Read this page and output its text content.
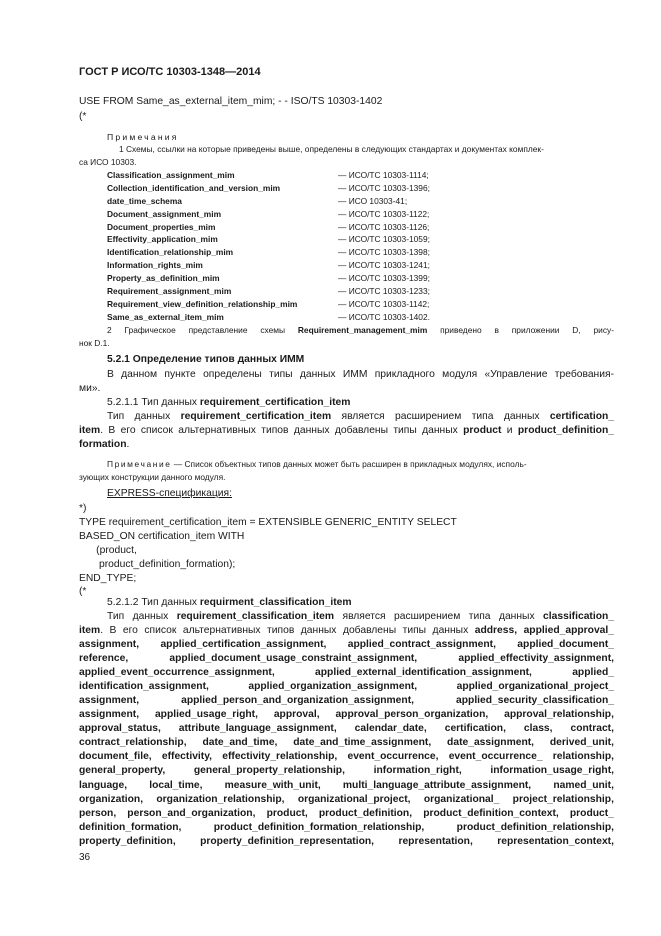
ГОСТ Р ИСО/ТС 10303-1348—2014
USE FROM Same_as_external_item_mim; - - ISO/TS 10303-1402
(*
Примечания
1 Схемы, ссылки на которые приведены выше, определены в следующих стандартах и документах комплек-
са ИСО 10303.
Classification_assignment_mim	— ИСО/ТС 10303-1114;
Collection_identification_and_version_mim	— ИСО/ТС 10303-1396;
date_time_schema	— ИСО 10303-41;
Document_assignment_mim	— ИСО/ТС 10303-1122;
Document_properties_mim	— ИСО/ТС 10303-1126;
Effectivity_application_mim	— ИСО/ТС 10303-1059;
Identification_relationship_mim	— ИСО/ТС 10303-1398;
Information_rights_mim	— ИСО/ТС 10303-1241;
Property_as_definition_mim	— ИСО/ТС 10303-1399;
Requirement_assignment_mim	— ИСО/ТС 10303-1233;
Requirement_view_definition_relationship_mim	— ИСО/ТС 10303-1142;
Same_as_external_item_mim	— ИСО/ТС 10303-1402.
2 Графическое представление схемы Requirement_management_mim приведено в приложении D, рису-
нок D.1.
5.2.1 Определение типов данных ИММ
В данном пункте определены типы данных ИММ прикладного модуля «Управление требования-
ми».
5.2.1.1 Тип данных requirement_certification_item
Тип данных requirement_certification_item является расширением типа данных certification_
item. В его список альтернативных типов данных добавлены типы данных product и product_definition_
formation.
Примечание — Список объектных типов данных может быть расширен в прикладных модулях, исполь-
зующих конструкции данного модуля.
EXPRESS-спецификация:
*)
TYPE requirement_certification_item = EXTENSIBLE GENERIC_ENTITY SELECT
BASED_ON certification_item WITH
(product,
product_definition_formation);
END_TYPE;
(*
5.2.1.2 Тип данных requirment_classification_item
Тип данных requirement_classification_item является расширением типа данных classification_
item. В его список альтернативных типов данных добавлены типы данных address, applied_approval_
assignment, applied_certification_assignment, applied_contract_assignment, applied_document_
reference,	applied_document_usage_constraint_assignment,	applied_effectivity_assignment,
applied_event_occurrence_assignment,	applied_external_identification_assignment,	applied_
identification_assignment,	applied_organization_assignment,	applied_organizational_project_
assignment,	applied_person_and_organization_assignment,	applied_security_classification_
assignment, applied_usage_right, approval, approval_person_organization, approval_relationship,
approval_status, attribute_language_assignment, calendar_date, certification, class, contract,
contract_relationship, date_and_time, date_and_time_assignment, date_assignment, derived_unit,
document_file, effectivity, effectivity_relationship, event_occurrence, event_occurrence_ relationship,
general_property,	general_property_relationship,	information_right,	information_usage_right,
language, local_time, measure_with_unit, multi_language_attribute_assignment, named_unit,
organization, organization_relationship, organizational_project, organizational_ project_relationship,
person, person_and_organization, product, product_definition, product_definition_context, product_
definition_formation,	product_definition_formation_relationship,	product_definition_relationship,
property_definition, property_definition_representation, representation, representation_context,
36
